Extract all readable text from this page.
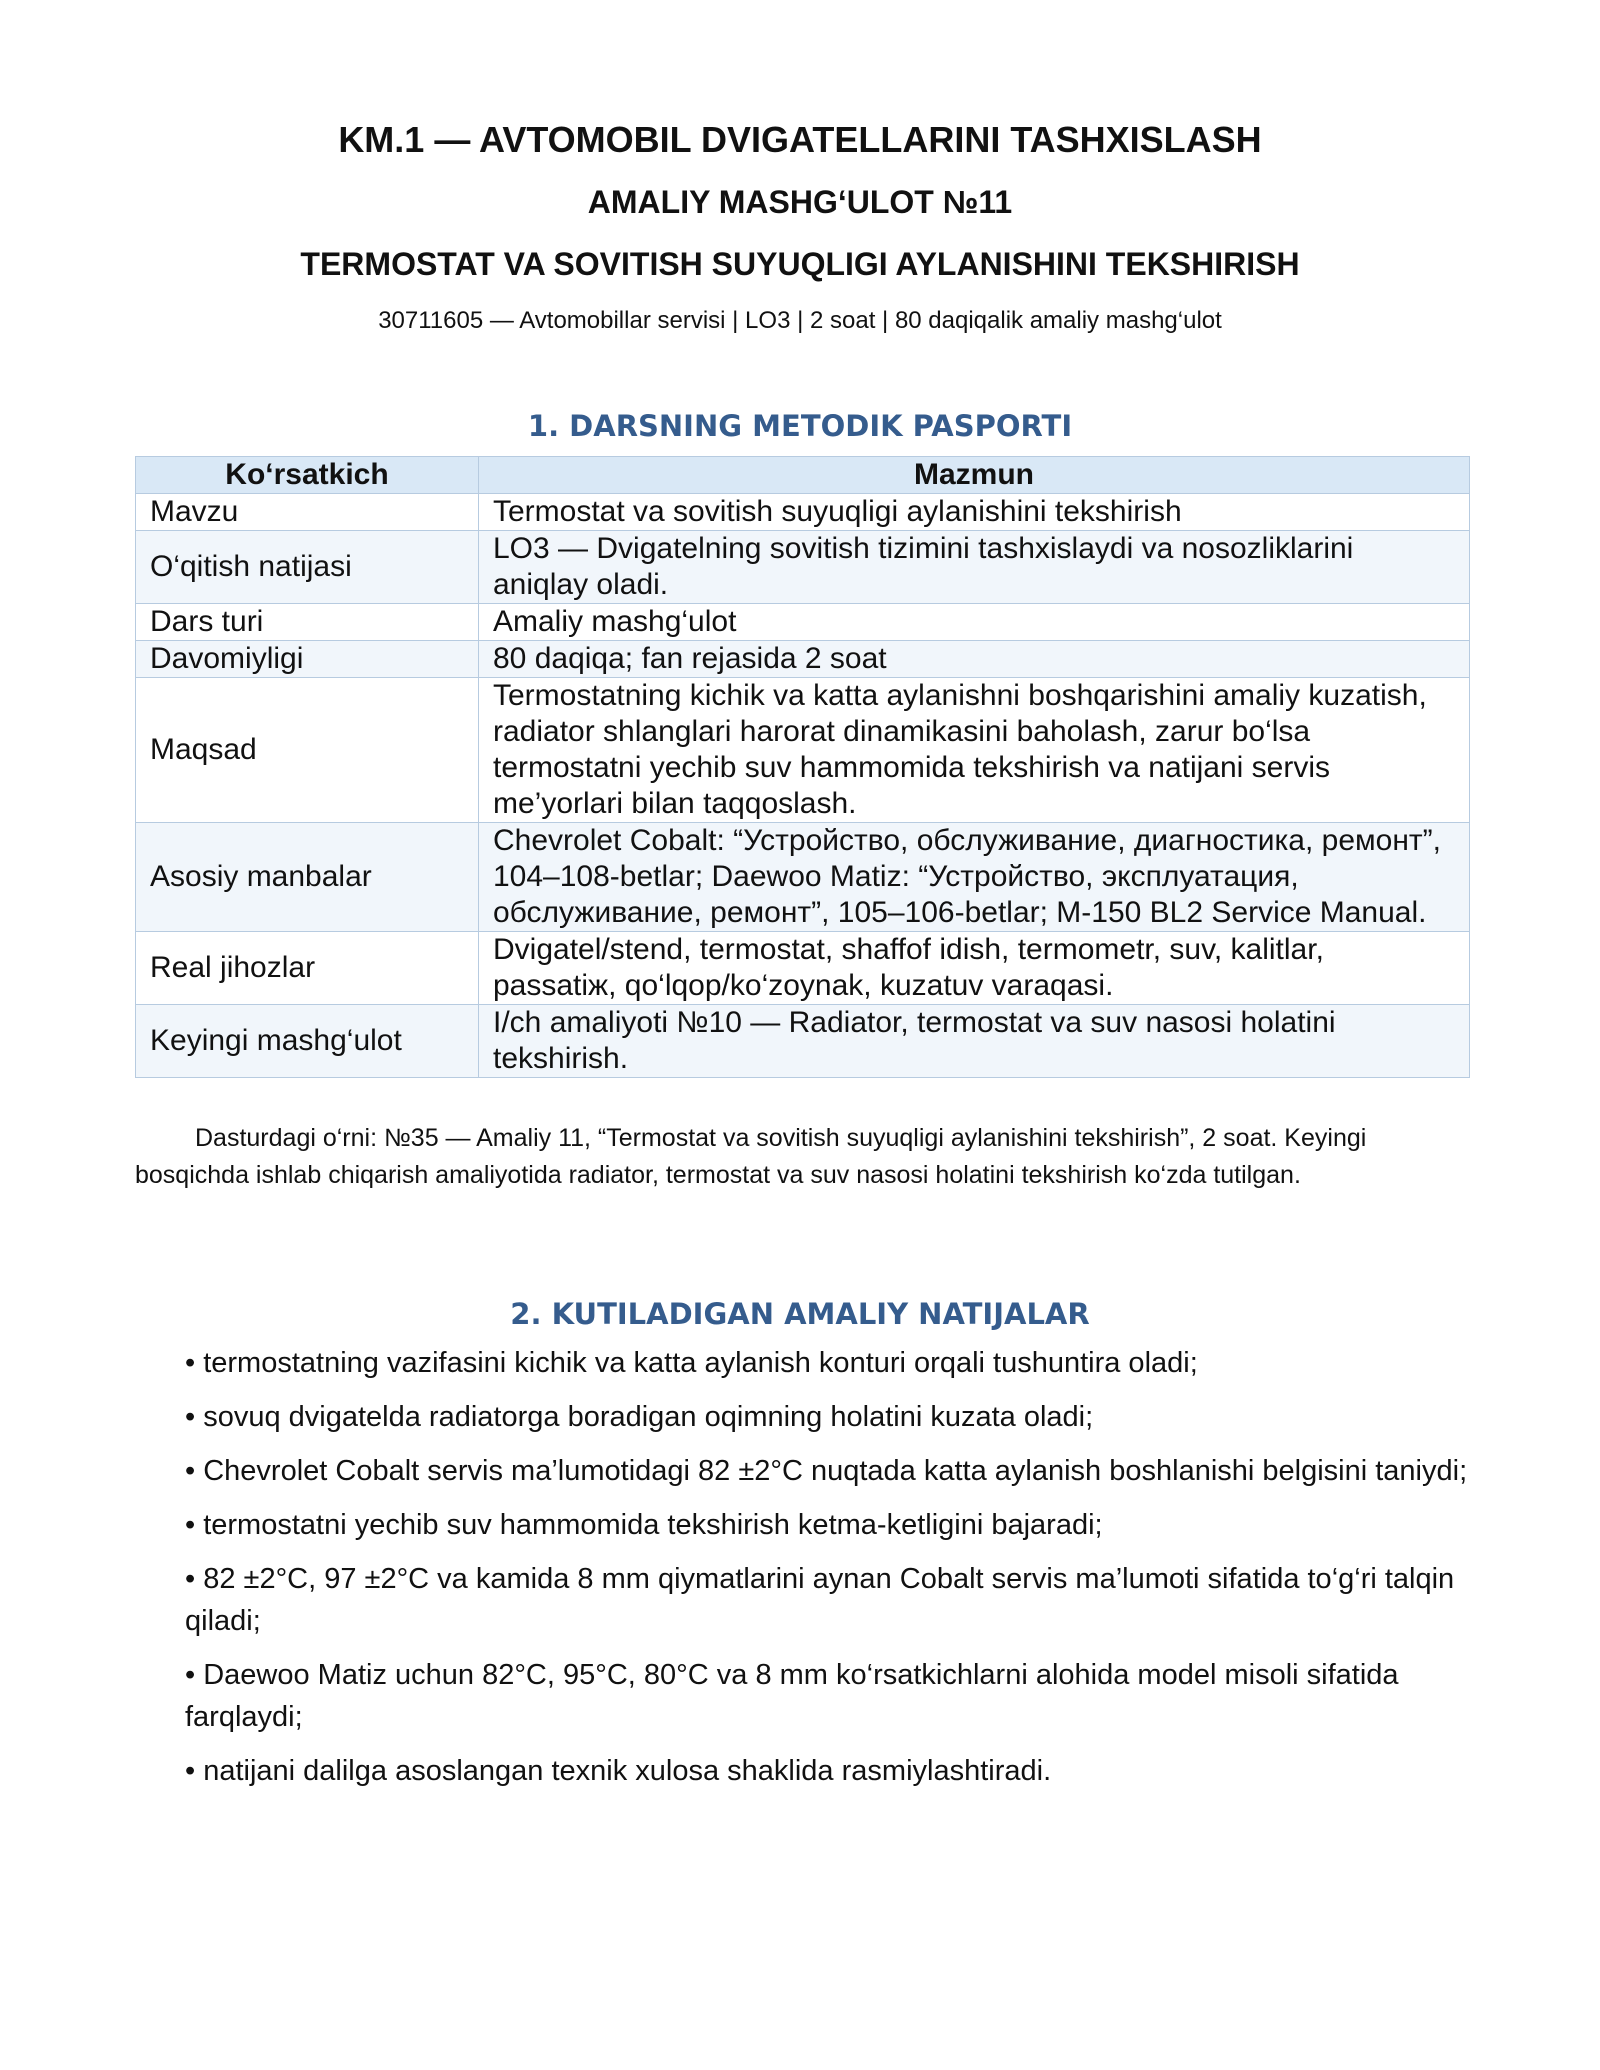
KM.1 — AVTOMOBIL DVIGATELLARINI TASHXISLASH
AMALIY MASHG‘ULOT №11
TERMOSTAT VA SOVITISH SUYUQLIGI AYLANISHINI TEKSHIRISH

30711605 — Avtomobillar servisi | LO3 | 2 soat | 80 daqiqalik amaliy mashg‘ulot

1. DARSNING METODIK PASPORTI
Ko‘rsatkich	Mazmun
Mavzu	Termostat va sovitish suyuqligi aylanishini tekshirish
O‘qitish natijasi	LO3 — Dvigatelning sovitish tizimini tashxislaydi va nosozliklarini aniqlay oladi.
Dars turi	Amaliy mashg‘ulot
Davomiyligi	80 daqiqa; fan rejasida 2 soat
Maqsad	Termostatning kichik va katta aylanishni boshqarishini amaliy kuzatish, radiator shlanglari harorat dinamikasini baholash, zarur bo‘lsa termostatni yechib suv hammomida tekshirish va natijani servis me’yorlari bilan taqqoslash.
Asosiy manbalar	Chevrolet Cobalt: “Устройство, обслуживание, диагностика, ремонт”, 104–108-betlar; Daewoo Matiz: “Устройство, эксплуатация, обслуживание, ремонт”, 105–106-betlar; M-150 BL2 Service Manual.
Real jihozlar	Dvigatel/stend, termostat, shaffof idish, termometr, suv, kalitlar, passatiж, qo‘lqop/ko‘zoynak, kuzatuv varaqasi.
Keyingi mashg‘ulot	I/ch amaliyoti №10 — Radiator, termostat va suv nasosi holatini tekshirish.

Dasturdagi o‘rni: №35 — Amaliy 11, “Termostat va sovitish suyuqligi aylanishini tekshirish”, 2 soat. Keyingi bosqichda ishlab chiqarish amaliyotida radiator, termostat va suv nasosi holatini tekshirish ko‘zda tutilgan.

2. KUTILADIGAN AMALIY NATIJALAR
• termostatning vazifasini kichik va katta aylanish konturi orqali tushuntira oladi;
• sovuq dvigatelda radiatorga boradigan oqimning holatini kuzata oladi;
• Chevrolet Cobalt servis ma’lumotidagi 82 ±2°C nuqtada katta aylanish boshlanishi belgisini taniydi;
• termostatni yechib suv hammomida tekshirish ketma-ketligini bajaradi;
• 82 ±2°C, 97 ±2°C va kamida 8 mm qiymatlarini aynan Cobalt servis ma’lumoti sifatida to‘g‘ri talqin qiladi;
• Daewoo Matiz uchun 82°C, 95°C, 80°C va 8 mm ko‘rsatkichlarni alohida model misoli sifatida farqlaydi;
• natijani dalilga asoslangan texnik xulosa shaklida rasmiylashtiradi.
